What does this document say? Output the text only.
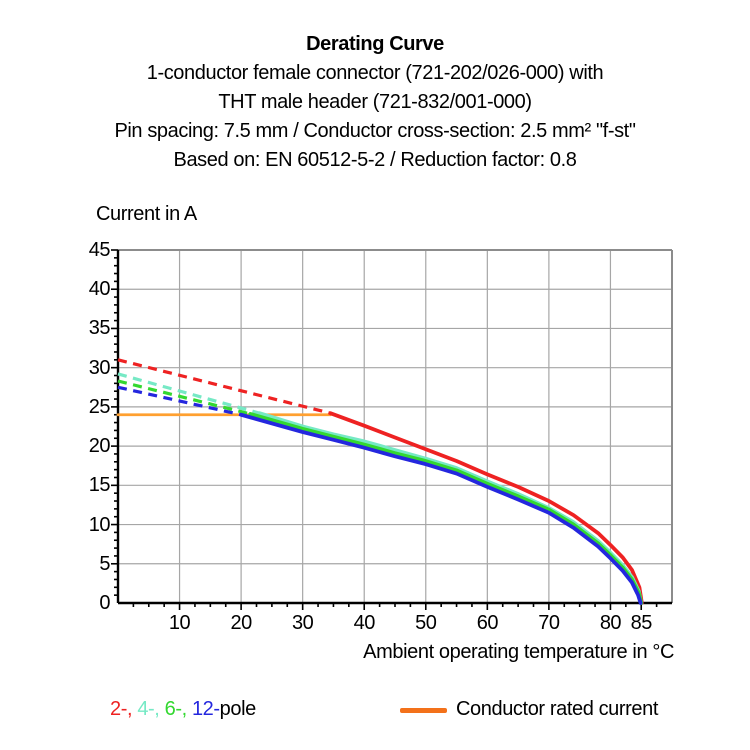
Derating Curve
1-conductor female connector (721-202/026-000) with
THT male header (721-832/001-000)
Pin spacing: 7.5 mm / Conductor cross-section: 2.5 mm² "f-st"
Based on: EN 60512-5-2 / Reduction factor: 0.8
Current in A
0
5
10
15
20
25
30
35
40
45
10	20	30	40	50	60	70	80 85
Ambient operating temperature in °C
2-, 4-, 6-, 12-pole	Conductor rated current
